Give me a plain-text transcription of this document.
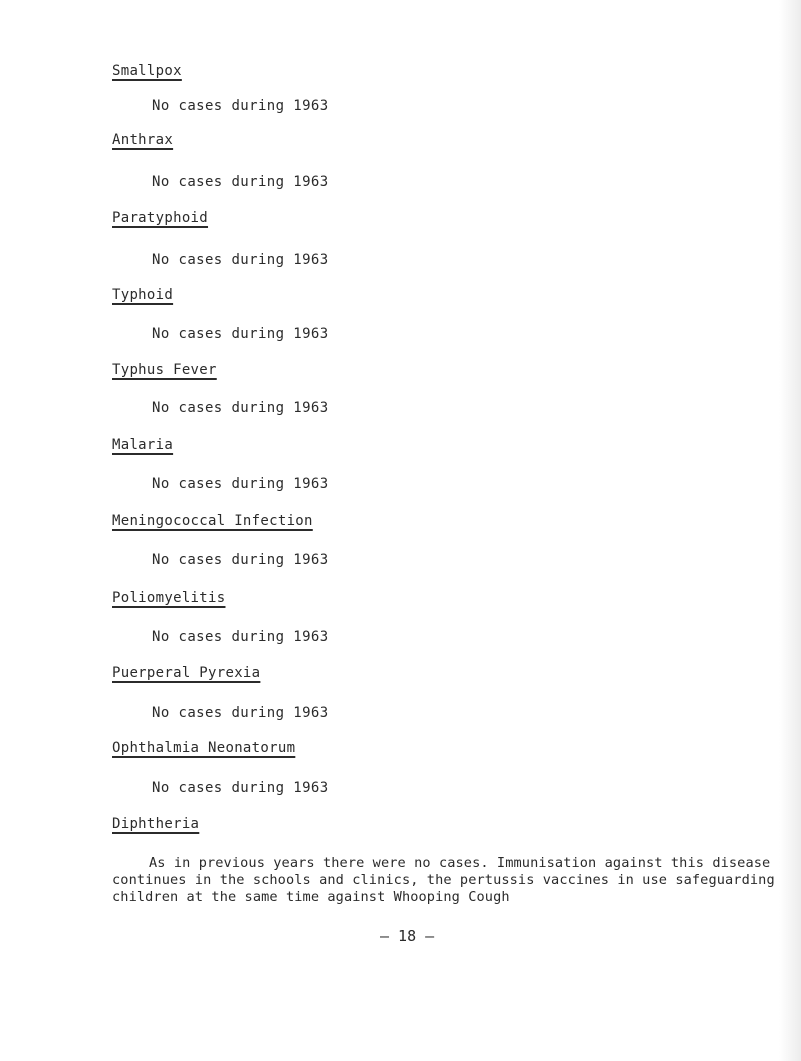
Smallpox
No cases during 1963
Anthrax
No cases during 1963
Paratyphoid
No cases during 1963
Typhoid
No cases during 1963
Typhus Fever
No cases during 1963
Malaria
No cases during 1963
Meningococcal Infection
No cases during 1963
Poliomyelitis
No cases during 1963
Puerperal Pyrexia
No cases during 1963
Ophthalmia Neonatorum
No cases during 1963
Diphtheria

As in previous years there were no cases. Immunisation against this disease continues in the schools and clinics, the pertussis vaccines in use safeguarding children at the same time against Whooping Cough

– 18 –
